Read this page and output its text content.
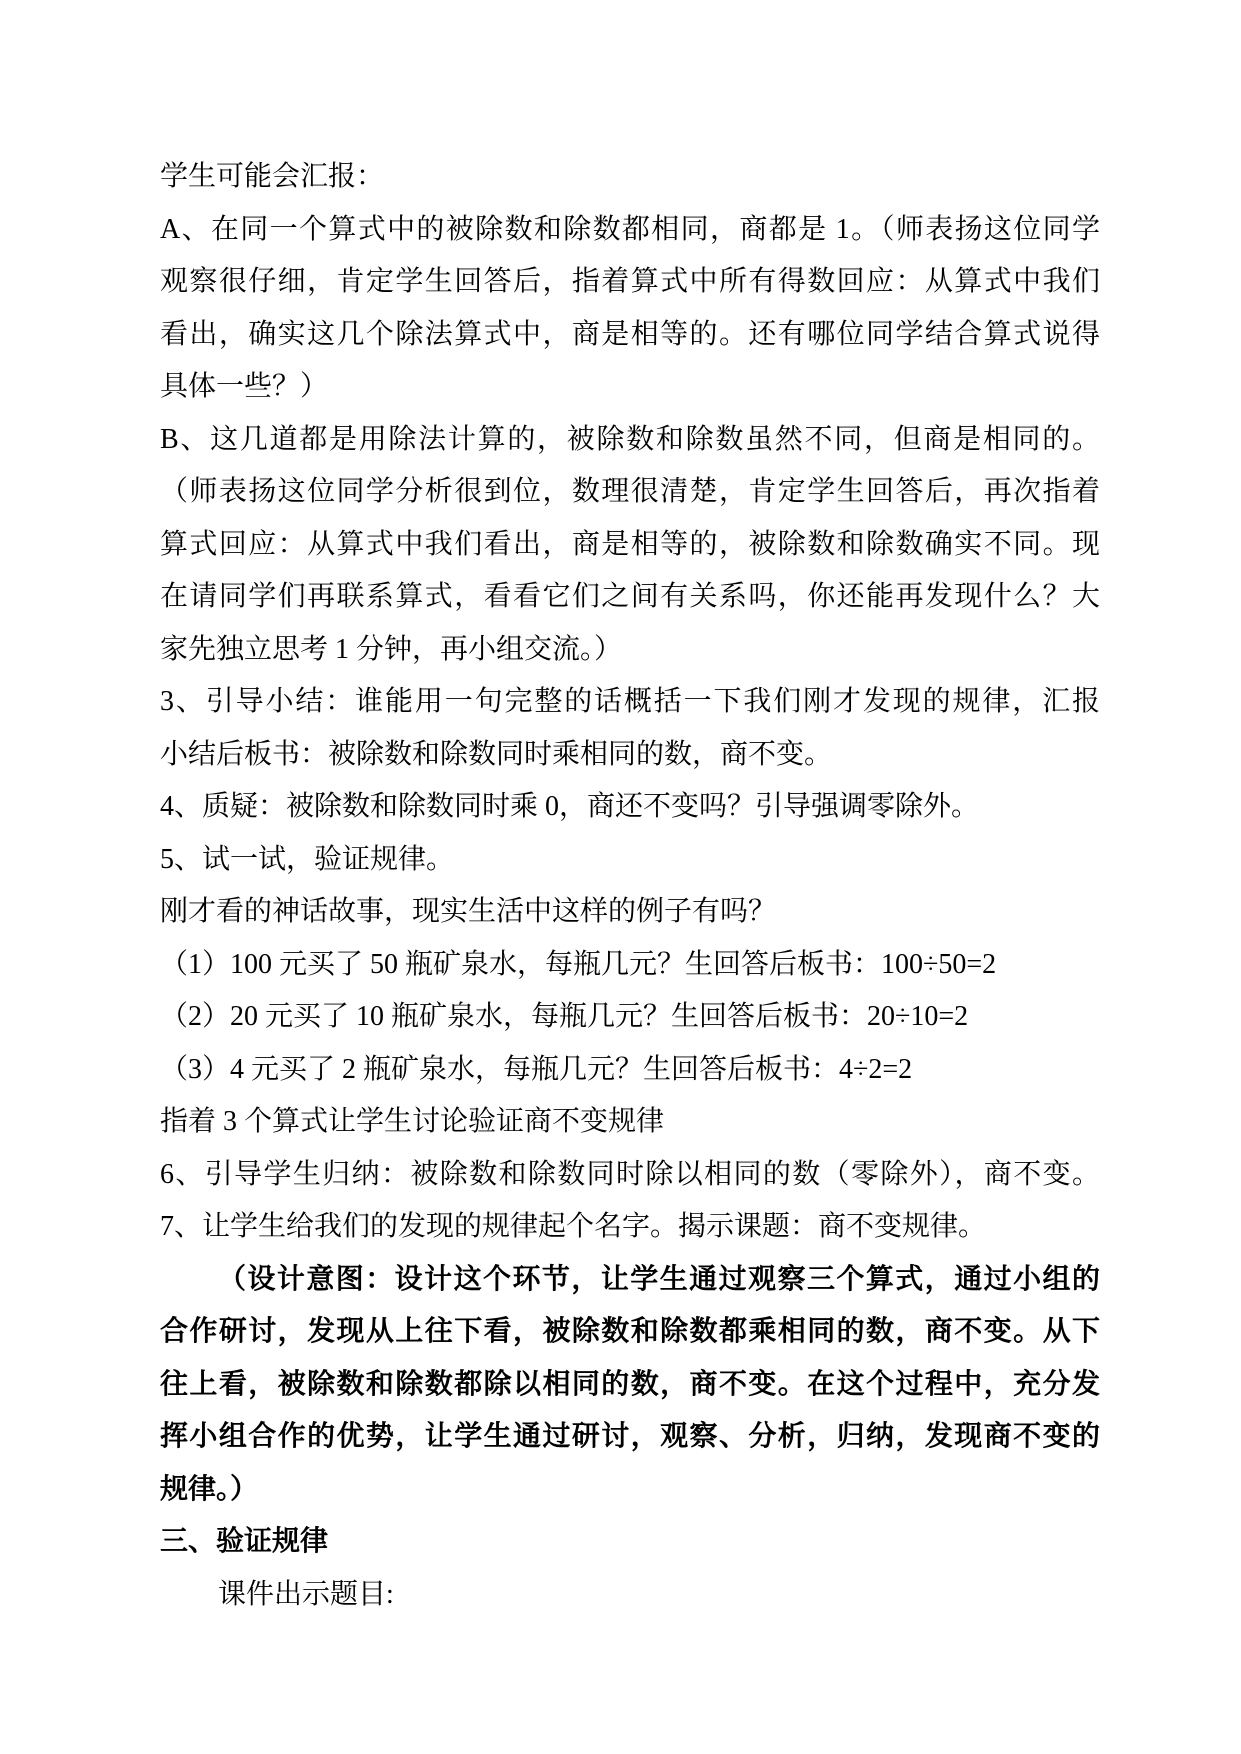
学生可能会汇报：
A、在同一个算式中的被除数和除数都相同，商都是 1。（师表扬这位同学
观察很仔细，肯定学生回答后，指着算式中所有得数回应：从算式中我们
看出，确实这几个除法算式中，商是相等的。还有哪位同学结合算式说得
具体一些？）
B、这几道都是用除法计算的，被除数和除数虽然不同，但商是相同的。
（师表扬这位同学分析很到位，数理很清楚，肯定学生回答后，再次指着
算式回应：从算式中我们看出，商是相等的，被除数和除数确实不同。现
在请同学们再联系算式，看看它们之间有关系吗，你还能再发现什么？大
家先独立思考 1 分钟，再小组交流。）
3、引导小结：谁能用一句完整的话概括一下我们刚才发现的规律，汇报
小结后板书：被除数和除数同时乘相同的数，商不变。
4、质疑：被除数和除数同时乘 0，商还不变吗？引导强调零除外。
5、试一试，验证规律。
刚才看的神话故事，现实生活中这样的例子有吗？
（1）100 元买了 50 瓶矿泉水，每瓶几元？生回答后板书：100÷50=2
（2）20 元买了 10 瓶矿泉水，每瓶几元？生回答后板书：20÷10=2
（3）4 元买了 2 瓶矿泉水，每瓶几元？生回答后板书：4÷2=2
指着 3 个算式让学生讨论验证商不变规律
6、引导学生归纳：被除数和除数同时除以相同的数（零除外），商不变。
7、让学生给我们的发现的规律起个名字。揭示课题：商不变规律。
（设计意图：设计这个环节，让学生通过观察三个算式，通过小组的
合作研讨，发现从上往下看，被除数和除数都乘相同的数，商不变。从下
往上看，被除数和除数都除以相同的数，商不变。在这个过程中，充分发
挥小组合作的优势，让学生通过研讨，观察、分析，归纳，发现商不变的
规律。）
三、验证规律
课件出示题目:
